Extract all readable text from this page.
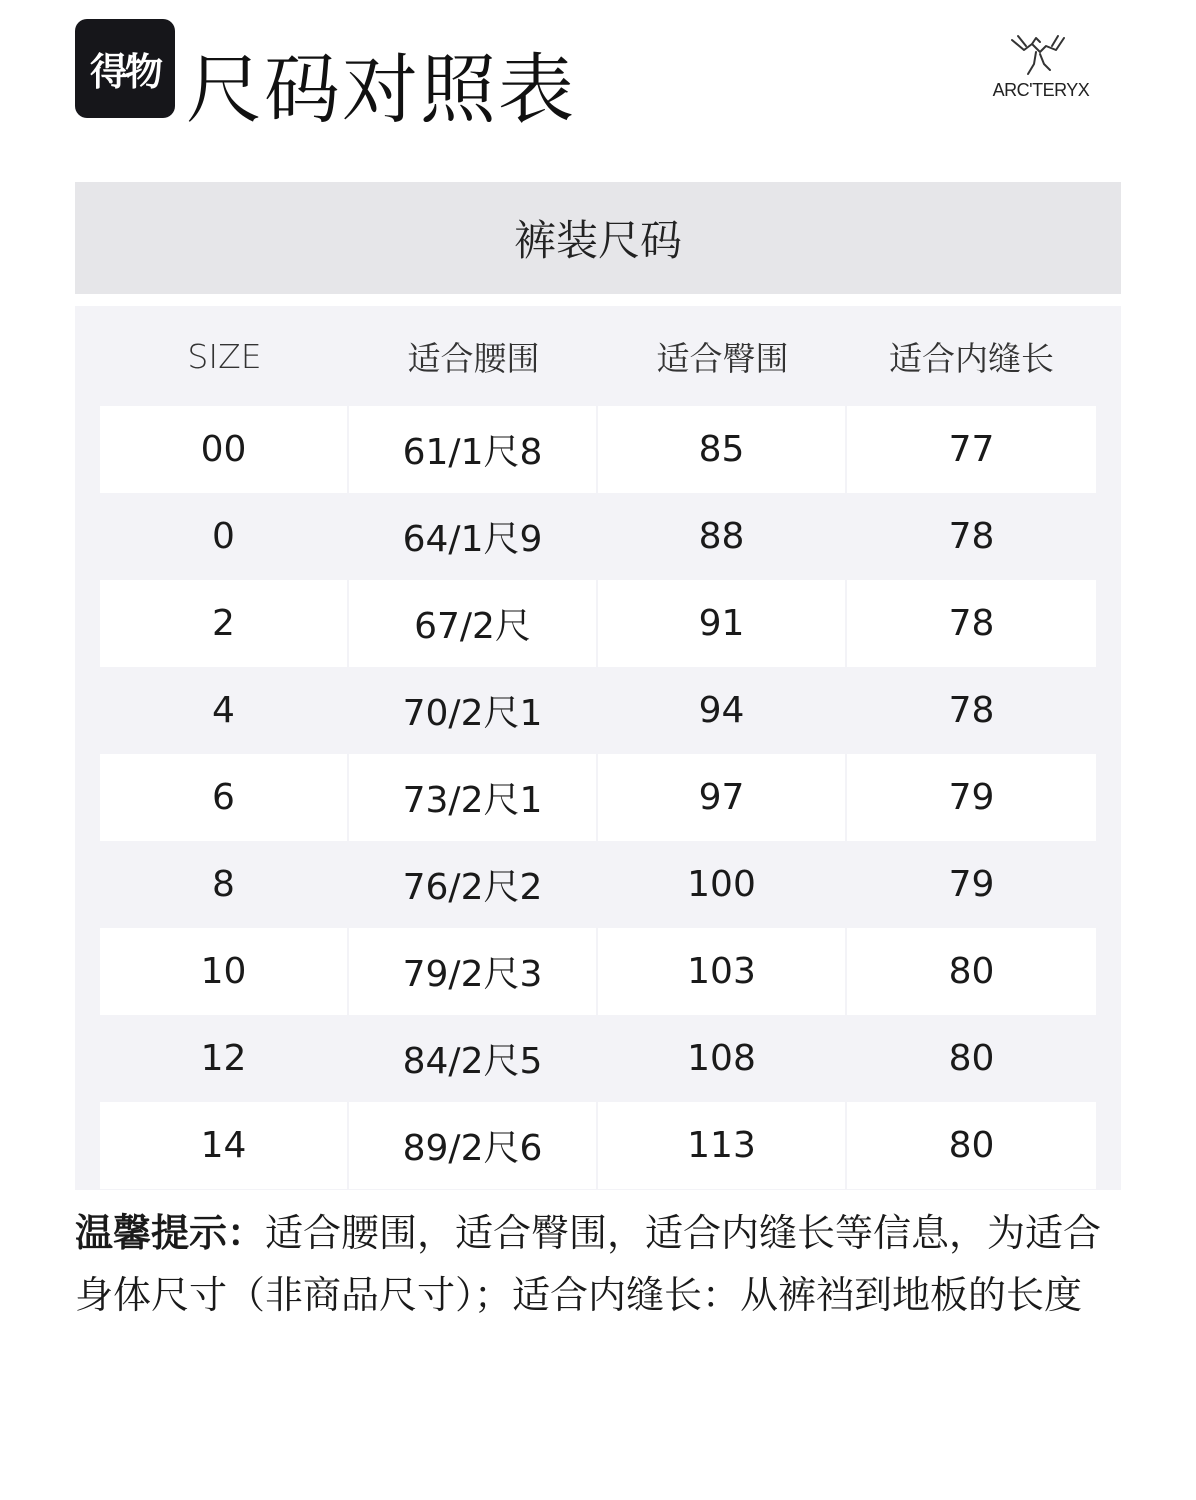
得物 尺码对照表	ARC'TERYX
裤装尺码
SIZE	适合腰围	适合臀围	适合内缝长
00	61/1尺8	85	77
0	64/1尺9	88	78
2	67/2尺	91	78
4	70/2尺1	94	78
6	73/2尺1	97	79
8	76/2尺2	100	79
10	79/2尺3	103	80
12	84/2尺5	108	80
14	89/2尺6	113	80
温馨提示：适合腰围，适合臀围，适合内缝长等信息，为适合身体尺寸（非商品尺寸）；适合内缝长：从裤裆到地板的长度
